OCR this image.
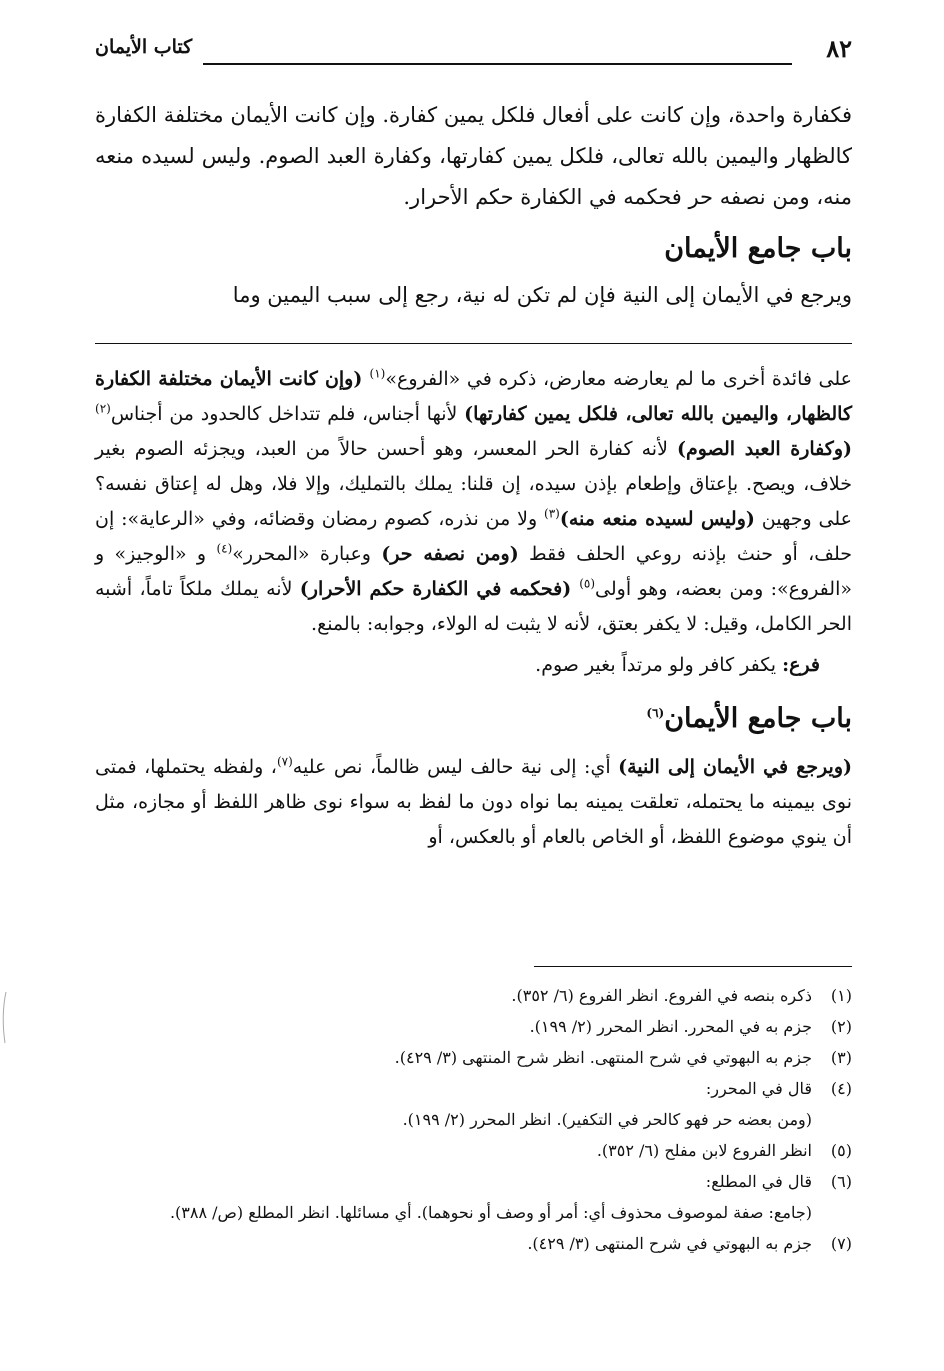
٨٢
كتاب الأيمان

فكفارة واحدة، وإن كانت على أفعال فلكل يمين كفارة. وإن كانت الأيمان مختلفة الكفارة كالظهار واليمين بالله تعالى، فلكل يمين كفارتها، وكفارة العبد الصوم. وليس لسيده منعه منه، ومن نصفه حر فحكمه في الكفارة حكم الأحرار.

باب جامع الأيمان

ويرجع في الأيمان إلى النية فإن لم تكن له نية، رجع إلى سبب اليمين وما

على فائدة أخرى ما لم يعارضه معارض، ذكره في «الفروع»$^{(١)}$ (وإن كانت الأيمان مختلفة الكفارة كالظهار، واليمين بالله تعالى، فلكل يمين كفارتها) لأنها أجناس، فلم تتداخل كالحدود من أجناس$^{(٢)}$ (وكفارة العبد الصوم) لأنه كفارة الحر المعسر، وهو أحسن حالاً من العبد، ويجزئه الصوم بغير خلاف، ويصح. بإعتاق وإطعام بإذن سيده، إن قلنا: يملك بالتمليك، وإلا فلا، وهل له إعتاق نفسه؟ على وجهين (وليس لسيده منعه منه)$^{(٣)}$ ولا من نذره، كصوم رمضان وقضائه، وفي «الرعاية»: إن حلف، أو حنث بإذنه روعي الحلف فقط (ومن نصفه حر) وعبارة «المحرر»$^{(٤)}$ و «الوجيز» و «الفروع»: ومن بعضه، وهو أولى$^{(٥)}$ (فحكمه في الكفارة حكم الأحرار) لأنه يملك ملكاً تاماً، أشبه الحر الكامل، وقيل: لا يكفر بعتق، لأنه لا يثبت له الولاء، وجوابه: بالمنع.

فرع: يكفر كافر ولو مرتداً بغير صوم.

باب جامع الأيمان$^{(٦)}$

(ويرجع في الأيمان إلى النية) أي: إلى نية حالف ليس ظالماً، نص عليه$^{(٧)}$، ولفظه يحتملها، فمتى نوى بيمينه ما يحتمله، تعلقت يمينه بما نواه دون ما لفظ به سواء نوى ظاهر اللفظ أو مجازه، مثل أن ينوي موضوع اللفظ، أو الخاص بالعام أو بالعكس، أو

(١)
ذكره بنصه في الفروع. انظر الفروع (٦/ ٣٥٢).
(٢)
جزم به في المحرر. انظر المحرر (٢/ ١٩٩).
(٣)
جزم به البهوتي في شرح المنتهى. انظر شرح المنتهى (٣/ ٤٢٩).
(٤)
قال في المحرر:
(ومن بعضه حر فهو كالحر في التكفير). انظر المحرر (٢/ ١٩٩).
(٥)
انظر الفروع لابن مفلح (٦/ ٣٥٢).
(٦)
قال في المطلع:
(جامع: صفة لموصوف محذوف أي: أمر أو وصف أو نحوهما). أي مسائلها. انظر المطلع (ص/ ٣٨٨).
(٧)
جزم به البهوتي في شرح المنتهى (٣/ ٤٢٩).
